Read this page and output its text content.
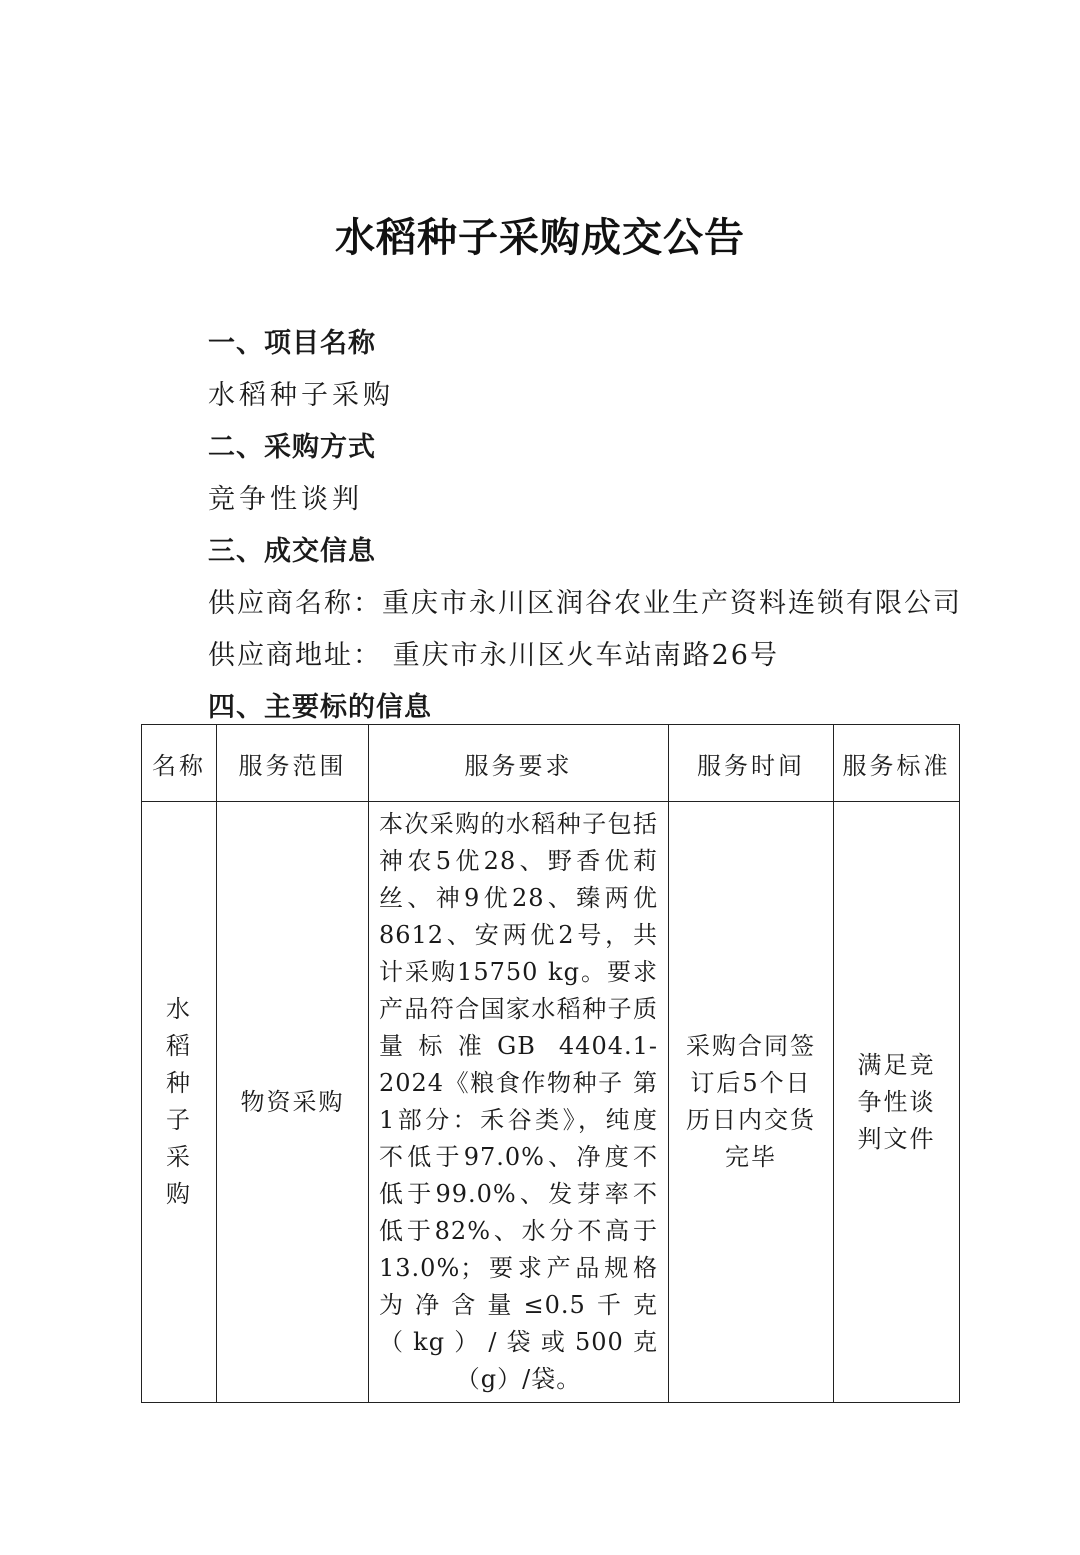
水稻种子采购成交公告
一、项目名称
水稻种子采购
二、采购方式
竞争性谈判
三、成交信息
供应商名称：重庆市永川区润谷农业生产资料连锁有限公司
供应商地址： 重庆市永川区火车站南路26号
四、主要标的信息
名称	服务范围	服务要求	服务时间	服务标准
水稻种子采购	物资采购	本次采购的水稻种子包括神农5优28、野香优莉丝、神9优28、臻两优8612、安两优2号，共计采购15750 kg。要求产品符合国家水稻种子质量标准GB 4404.1-2024《粮食作物种子 第1部分：禾谷类》，纯度不低于97.0%、净度不低于99.0%、发芽率不低于82%、水分不高于13.0%；要求产品规格为净含量≤0.5千克（kg）/袋或500克（g）/袋。	采购合同签订后5个日历日内交货完毕	满足竞争性谈判文件
